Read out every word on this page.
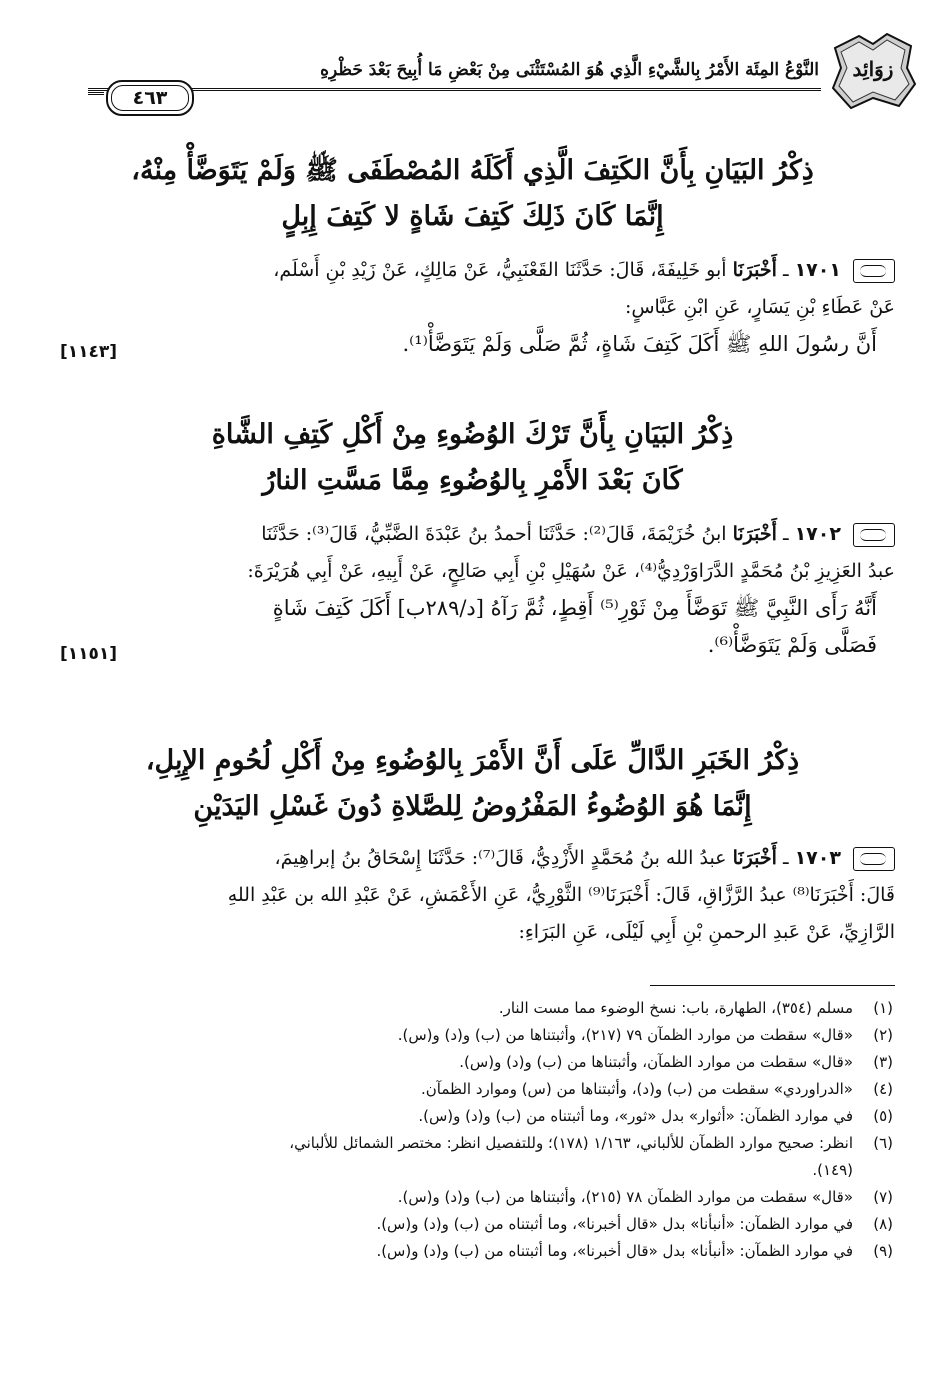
زوَائِد
النَّوْعُ المِئَة الأَمْرُ بِالشَّيْءِ الَّذِي هُوَ المُسْتَثْنَى مِنْ بَعْضِ مَا أُبِيحَ بَعْدَ حَظْرِهِ
٤٦٣
ذِكْرُ البَيَانِ بِأَنَّ الكَتِفَ الَّذِي أَكَلَهُ المُصْطَفَى ﷺ وَلَمْ يَتَوَضَّأْ مِنْهُ،
إِنَّمَا كَانَ ذَلِكَ كَتِفَ شَاةٍ لا كَتِفَ إِبِلٍ
١٧٠١ ـ أَخْبَرَنَا أبو خَلِيفَةَ، قَالَ: حَدَّثَنَا القَعْنَبِيُّ، عَنْ مَالِكٍ، عَنْ زَيْدِ بْنِ أَسْلَم،
عَنْ عَطَاءِ بْنِ يَسَارٍ، عَنِ ابْنِ عَبَّاسٍ:
أَنَّ رسُولَ اللهِ ﷺ أَكَلَ كَتِفَ شَاةٍ، ثُمَّ صَلَّى وَلَمْ يَتَوَضَّأْ⁽¹⁾.
[١١٤٣]
ذِكْرُ البَيَانِ بِأَنَّ تَرْكَ الوُضُوءِ مِنْ أَكْلِ كَتِفِ الشَّاةِ
كَانَ بَعْدَ الأَمْرِ بِالوُضُوءِ مِمَّا مَسَّتِ النارُ
١٧٠٢ ـ أَخْبَرَنَا ابنُ خُزَيْمَةَ، قَالَ⁽²⁾: حَدَّثَنَا أحمدُ بنُ عَبْدَةَ الضَّبِّيُّ، قَالَ⁽³⁾: حَدَّثَنَا
عبدُ العَزِيزِ بْنُ مُحَمَّدٍ الدَّرَاوَرْدِيُّ⁽⁴⁾، عَنْ سُهَيْلِ بْنِ أَبِي صَالِحٍ، عَنْ أَبِيهِ، عَنْ أَبِي هُرَيْرَةَ:
أَنَّهُ رَأَى النَّبِيَّ ﷺ تَوَضَّأَ مِنْ ثَوْرِ⁽⁵⁾ أَقِطٍ، ثُمَّ رَآهُ [د/٢٨٩ب] أَكَلَ كَتِفَ شَاةٍ
فَصَلَّى وَلَمْ يَتَوَضَّأْ⁽⁶⁾.
[١١٥١]
ذِكْرُ الخَبَرِ الدَّالِّ عَلَى أَنَّ الأَمْرَ بِالوُضُوءِ مِنْ أَكْلِ لُحُومِ الإِبِلِ،
إِنَّمَا هُوَ الوُضُوءُ المَفْرُوضُ لِلصَّلاةِ دُونَ غَسْلِ اليَدَيْنِ
١٧٠٣ ـ أَخْبَرَنَا عبدُ الله بنُ مُحَمَّدٍ الأَزْدِيُّ، قَالَ⁽⁷⁾: حَدَّثَنَا إِسْحَاقُ بنُ إبراهِيمَ،
قَالَ: أَخْبَرَنَا⁽⁸⁾ عبدُ الرَّزَّاقِ، قَالَ: أَخْبَرَنَا⁽⁹⁾ الثَّوْرِيُّ، عَنِ الأَعْمَشِ، عَنْ عَبْدِ الله بن عَبْدِ اللهِ
الرَّازِيِّ، عَنْ عَبدِ الرحمنِ بْنِ أَبِي لَيْلَى، عَنِ البَرَاءِ:
(١)
مسلم (٣٥٤)، الطهارة، باب: نسخ الوضوء مما مست النار.
(٢)
«قال» سقطت من موارد الظمآن ٧٩ (٢١٧)، وأثبتناها من (ب) و(د) و(س).
(٣)
«قال» سقطت من موارد الظمآن، وأثبتناها من (ب) و(د) و(س).
(٤)
«الدراوردي» سقطت من (ب) و(د)، وأثبتناها من (س) وموارد الظمآن.
(٥)
في موارد الظمآن: «أثوار» بدل «ثور»، وما أثبتناه من (ب) و(د) و(س).
(٦)
انظر: صحيح موارد الظمآن للألباني، ١/١٦٣ (١٧٨)؛ وللتفصيل انظر: مختصر الشمائل للألباني،
(١٤٩).
(٧)
«قال» سقطت من موارد الظمآن ٧٨ (٢١٥)، وأثبتناها من (ب) و(د) و(س).
(٨)
في موارد الظمآن: «أنبأنا» بدل «قال أخبرنا»، وما أثبتناه من (ب) و(د) و(س).
(٩)
في موارد الظمآن: «أنبأنا» بدل «قال أخبرنا»، وما أثبتناه من (ب) و(د) و(س).
